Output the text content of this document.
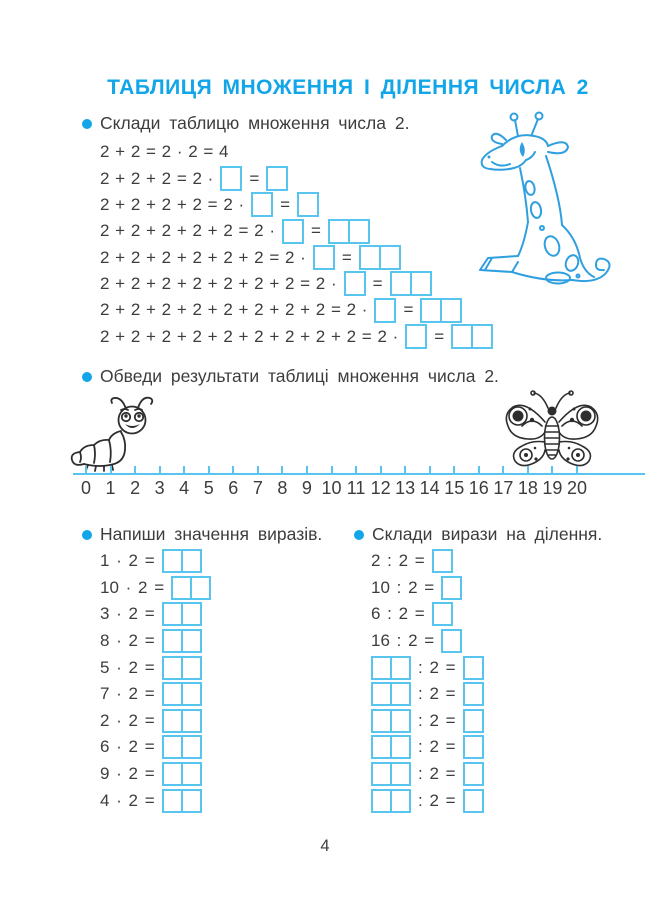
ТАБЛИЦЯ МНОЖЕННЯ І ДІЛЕННЯ ЧИСЛА 2
Склади таблицю множення числа 2.
2 + 2 = 2 · 2 = 4
2 + 2 + 2 = 2 · =
2 + 2 + 2 + 2 = 2 · =
2 + 2 + 2 + 2 + 2 = 2 · =
2 + 2 + 2 + 2 + 2 + 2 = 2 · =
2 + 2 + 2 + 2 + 2 + 2 + 2 = 2 · =
2 + 2 + 2 + 2 + 2 + 2 + 2 + 2 = 2 · =
2 + 2 + 2 + 2 + 2 + 2 + 2 + 2 + 2 = 2 · =
Обведи результати таблиці множення числа 2.
0 1 2 3 4 5 6 7 8 9 10 11 12 13 14 15 16 17 18 19 20
Напиши значення виразів.
1 · 2 =
10 · 2 =
3 · 2 =
8 · 2 =
5 · 2 =
7 · 2 =
2 · 2 =
6 · 2 =
9 · 2 =
4 · 2 =
Склади вирази на ділення.
2 : 2 =
10 : 2 =
6 : 2 =
16 : 2 =
: 2 =
: 2 =
: 2 =
: 2 =
: 2 =
: 2 =
4
